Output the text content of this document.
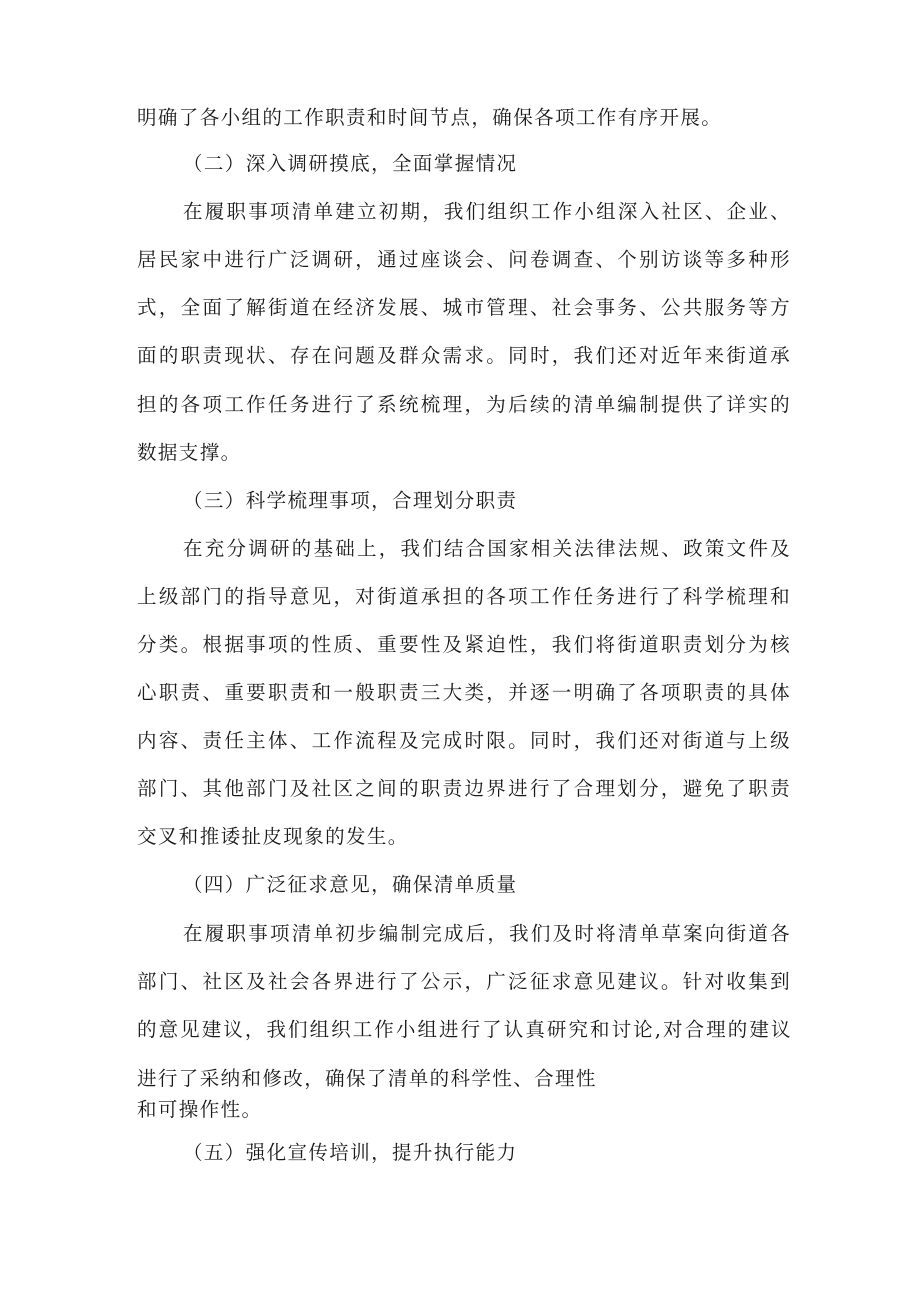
明确了各小组的工作职责和时间节点，确保各项工作有序开展。
（二）深入调研摸底，全面掌握情况
在履职事项清单建立初期，我们组织工作小组深入社区、企业、
居民家中进行广泛调研，通过座谈会、问卷调查、个别访谈等多种形
式，全面了解街道在经济发展、城市管理、社会事务、公共服务等方
面的职责现状、存在问题及群众需求。同时，我们还对近年来街道承
担的各项工作任务进行了系统梳理，为后续的清单编制提供了详实的
数据支撑。
（三）科学梳理事项，合理划分职责
在充分调研的基础上，我们结合国家相关法律法规、政策文件及
上级部门的指导意见，对街道承担的各项工作任务进行了科学梳理和
分类。根据事项的性质、重要性及紧迫性，我们将街道职责划分为核
心职责、重要职责和一般职责三大类，并逐一明确了各项职责的具体
内容、责任主体、工作流程及完成时限。同时，我们还对街道与上级
部门、其他部门及社区之间的职责边界进行了合理划分，避免了职责
交叉和推诿扯皮现象的发生。
（四）广泛征求意见，确保清单质量
在履职事项清单初步编制完成后，我们及时将清单草案向街道各
部门、社区及社会各界进行了公示，广泛征求意见建议。针对收集到
的意见建议，我们组织工作小组进行了认真研究和讨论,对合理的建议
进行了采纳和修改，确保了清单的科学性、合理性
和可操作性。
（五）强化宣传培训，提升执行能力
